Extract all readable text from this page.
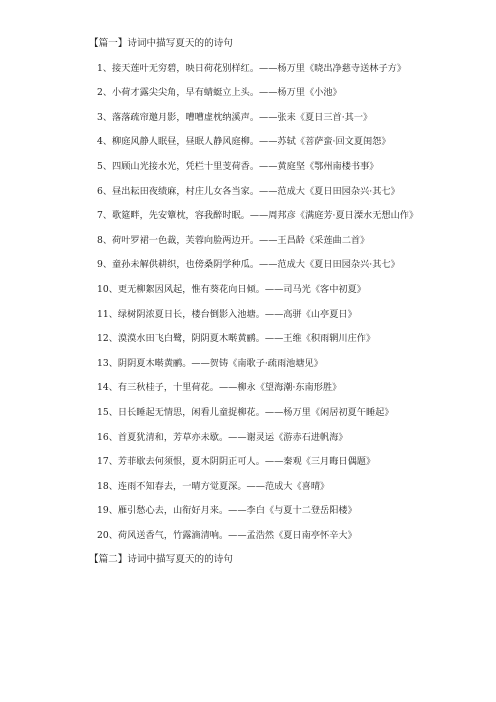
【篇一】诗词中描写夏天的的诗句
1、接天莲叶无穷碧，映日荷花别样红。——杨万里《晓出净慈寺送林子方》
2、小荷才露尖尖角，早有蜻蜓立上头。——杨万里《小池》
3、落落疏帘邀月影，嘈嘈虚枕纳溪声。——张耒《夏日三首·其一》
4、柳庭风静人眠昼，昼眠人静风庭柳。——苏轼《菩萨蛮·回文夏闺怨》
5、四顾山光接水光，凭栏十里芰荷香。——黄庭坚《鄂州南楼书事》
6、昼出耘田夜绩麻，村庄儿女各当家。——范成大《夏日田园杂兴·其七》
7、歌筵畔，先安簟枕，容我醉时眠。——周邦彦《满庭芳·夏日溧水无想山作》
8、荷叶罗裙一色裁，芙蓉向脸两边开。——王昌龄《采莲曲二首》
9、童孙未解供耕织，也傍桑阴学种瓜。——范成大《夏日田园杂兴·其七》
10、更无柳絮因风起，惟有葵花向日倾。——司马光《客中初夏》
11、绿树阴浓夏日长，楼台倒影入池塘。——高骈《山亭夏日》
12、漠漠水田飞白鹭，阴阴夏木啭黄鹂。——王维《积雨辋川庄作》
13、阴阴夏木啭黄鹂。——贺铸《南歌子·疏雨池塘见》
14、有三秋桂子，十里荷花。——柳永《望海潮·东南形胜》
15、日长睡起无情思，闲看儿童捉柳花。——杨万里《闲居初夏午睡起》
16、首夏犹清和，芳草亦未歇。——谢灵运《游赤石进帆海》
17、芳菲歇去何须恨，夏木阴阴正可人。——秦观《三月晦日偶题》
18、连雨不知春去，一晴方觉夏深。——范成大《喜晴》
19、雁引愁心去，山衔好月来。——李白《与夏十二登岳阳楼》
20、荷风送香气，竹露滴清响。——孟浩然《夏日南亭怀辛大》
【篇二】诗词中描写夏天的的诗句
